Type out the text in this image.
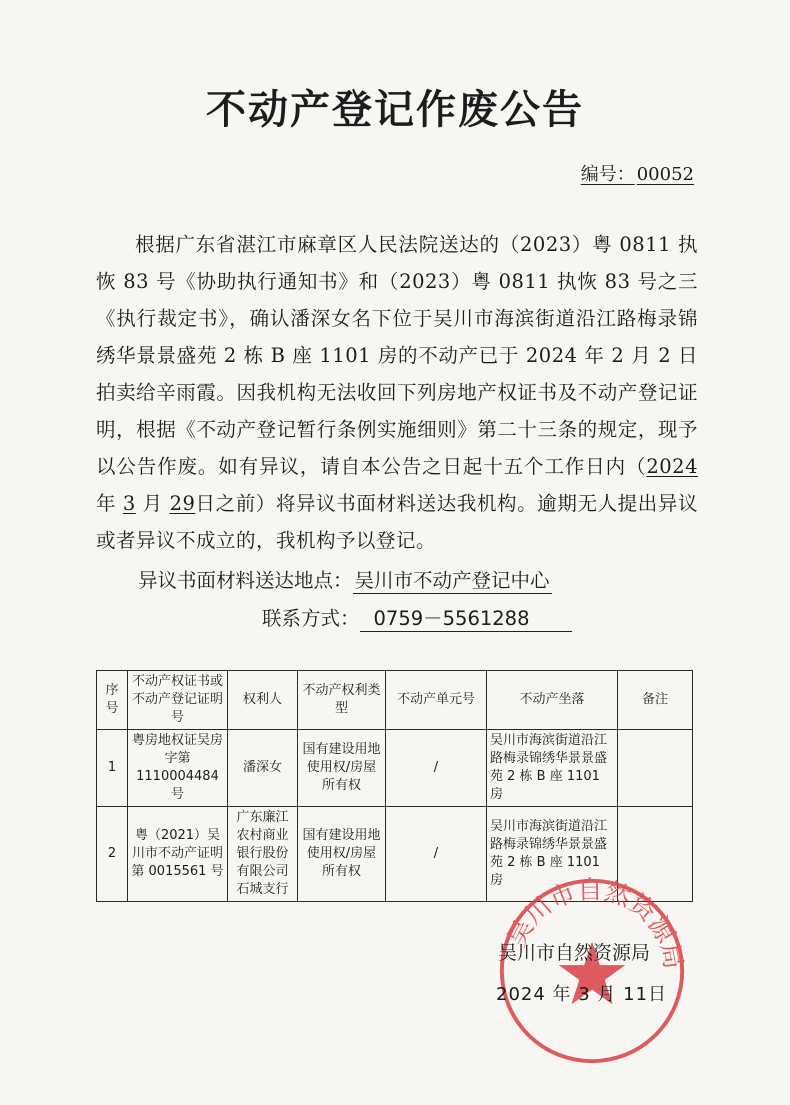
不动产登记作废公告
编号： 00052
根据广东省湛江市麻章区人民法院送达的（2023）粤 0811 执恢 83 号《协助执行通知书》和（2023）粤 0811 执恢 83 号之三《执行裁定书》，确认潘深女名下位于吴川市海滨街道沿江路梅录锦绣华景景盛苑 2 栋 B 座 1101 房的不动产已于 2024 年 2 月 2 日拍卖给辛雨霞。因我机构无法收回下列房地产权证书及不动产登记证明，根据《不动产登记暂行条例实施细则》第二十三条的规定，现予以公告作废。如有异议，请自本公告之日起十五个工作日内（2024 年 3 月 29日之前）将异议书面材料送达我机构。逾期无人提出异议或者异议不成立的，我机构予以登记。
异议书面材料送达地点： 吴川市不动产登记中心
联系方式： 0759－5561288
序号	不动产权证书或不动产登记证明号	权利人	不动产权利类型	不动产单元号	不动产坐落	备注
1	粤房地权证吴房字第 1110004484 号	潘深女	国有建设用地使用权/房屋所有权	/	吴川市海滨街道沿江路梅录锦绣华景景盛苑 2 栋 B 座 1101 房	
2	粤（2021）吴川市不动产证明第 0015561 号	广东廉江农村商业银行股份有限公司石城支行	国有建设用地使用权/房屋所有权	/	吴川市海滨街道沿江路梅录锦绣华景景盛苑 2 栋 B 座 1101 房	
吴川市自然资源局
吴川市自然资源局
2024 年 3 月 11日
